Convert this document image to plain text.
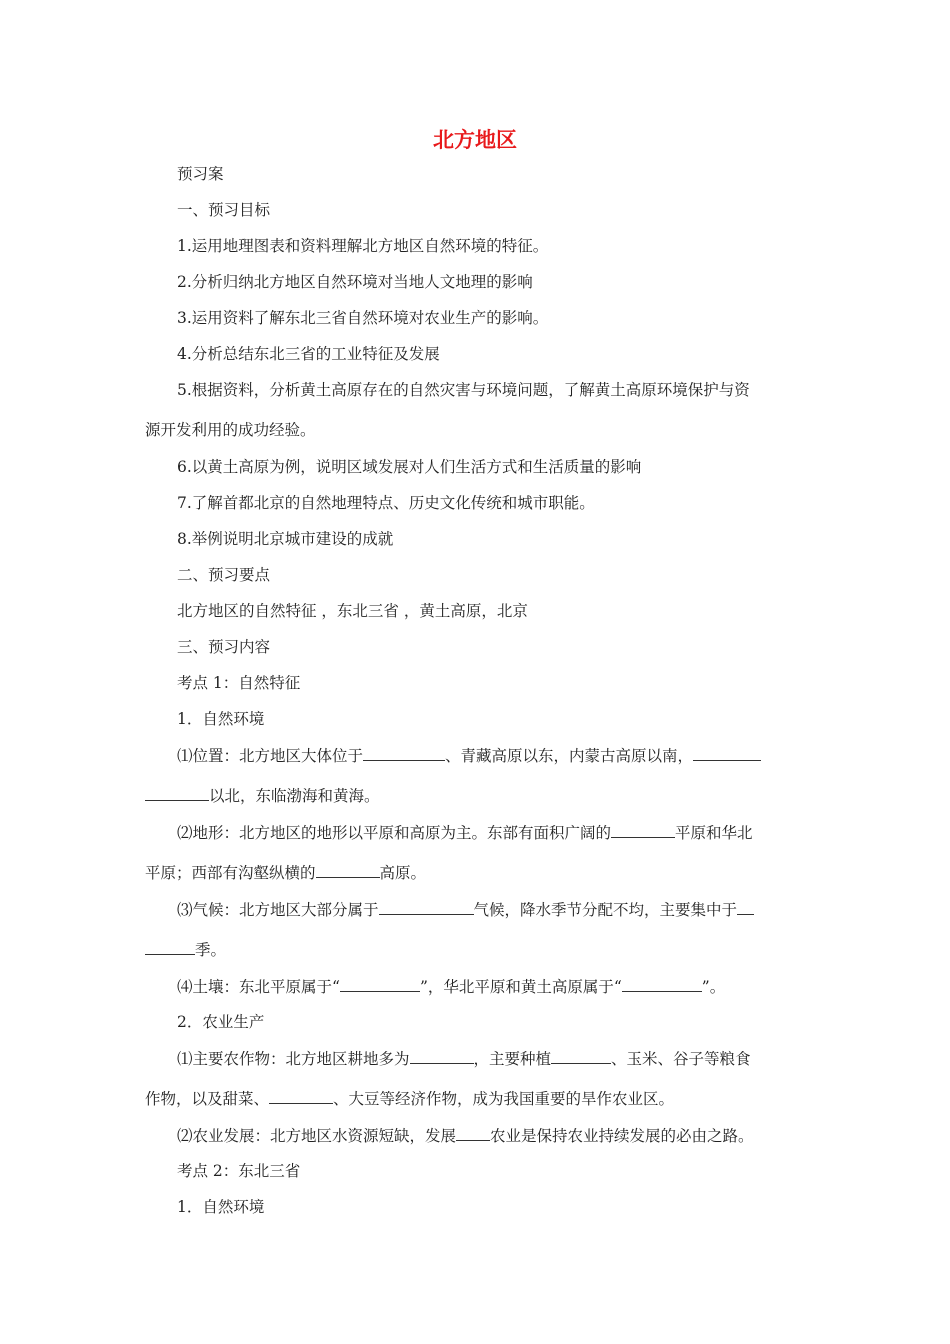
北方地区
预习案
一、预习目标
1.运用地理图表和资料理解北方地区自然环境的特征。
2.分析归纳北方地区自然环境对当地人文地理的影响
3.运用资料了解东北三省自然环境对农业生产的影响。
4.分析总结东北三省的工业特征及发展
5.根据资料，分析黄土高原存在的自然灾害与环境问题，了解黄土高原环境保护与资
源开发利用的成功经验。
6.以黄土高原为例，说明区域发展对人们生活方式和生活质量的影响
7.了解首都北京的自然地理特点、历史文化传统和城市职能。
8.举例说明北京城市建设的成就
二、预习要点
北方地区的自然特征 ，东北三省 ，黄土高原，北京
三、预习内容
考点 1：自然特征
1．自然环境
⑴位置：北方地区大体位于	、青藏高原以东，内蒙古高原以南，
以北，东临渤海和黄海。
⑵地形：北方地区的地形以平原和高原为主。东部有面积广阔的	平原和华北
平原；西部有沟壑纵横的	高原。
⑶气候：北方地区大部分属于	气候，降水季节分配不均，主要集中于
季。
⑷土壤：东北平原属于“	”，华北平原和黄土高原属于“	”。
2．农业生产
⑴主要农作物：北方地区耕地多为	，主要种植	、玉米、谷子等粮食
作物，以及甜菜、	、大豆等经济作物，成为我国重要的旱作农业区。
⑵农业发展：北方地区水资源短缺，发展 农业是保持农业持续发展的必由之路。
考点 2：东北三省
1．自然环境
